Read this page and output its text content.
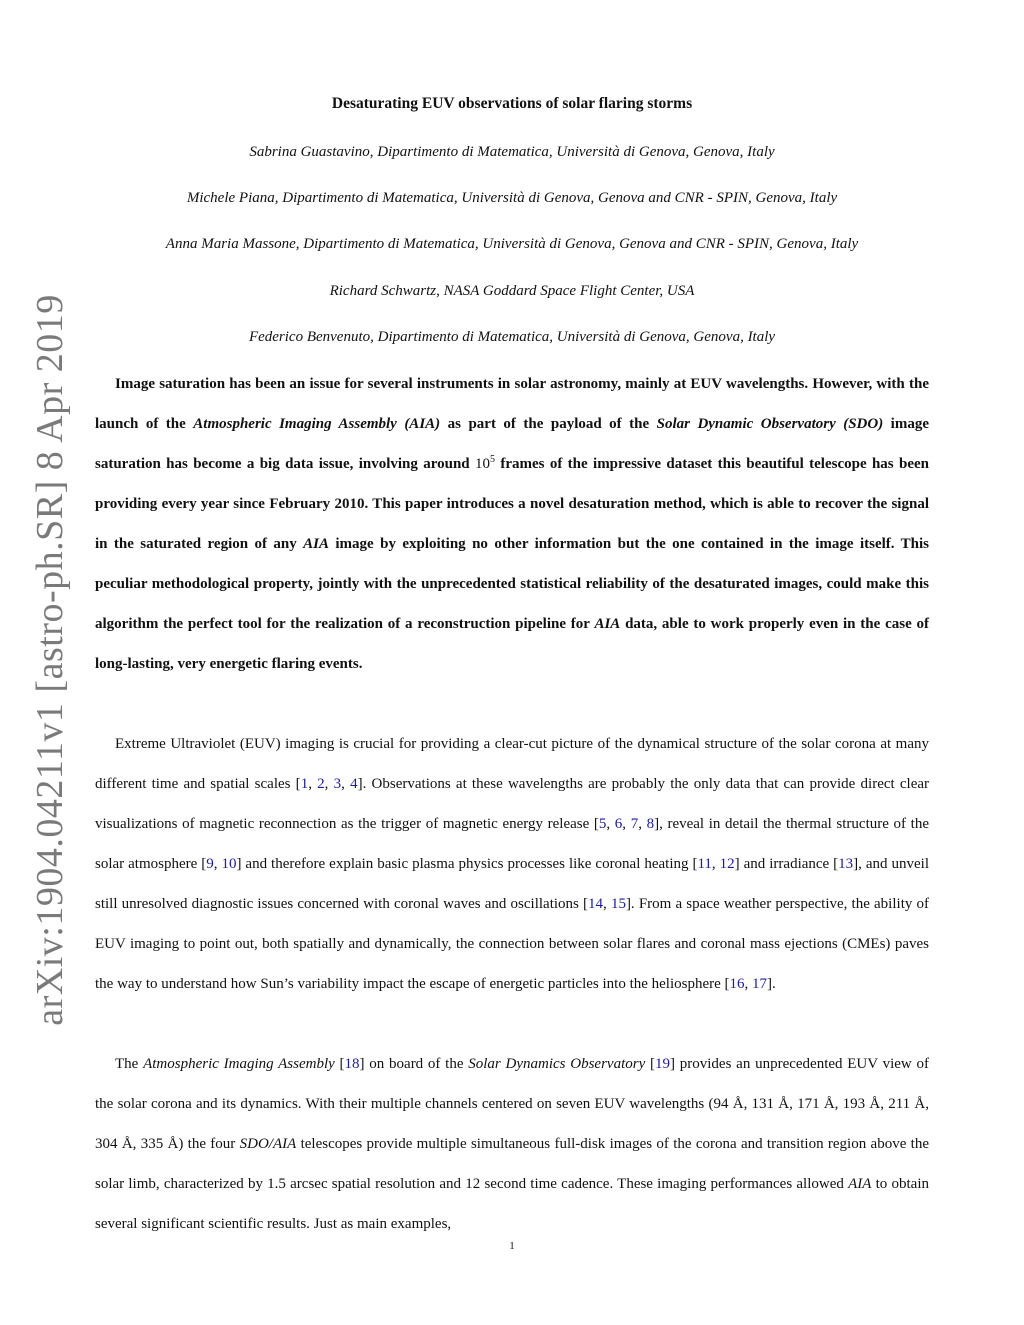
arXiv:1904.04211v1 [astro-ph.SR] 8 Apr 2019
Desaturating EUV observations of solar flaring storms
Sabrina Guastavino, Dipartimento di Matematica, Università di Genova, Genova, Italy
Michele Piana, Dipartimento di Matematica, Università di Genova, Genova and CNR - SPIN, Genova, Italy
Anna Maria Massone, Dipartimento di Matematica, Università di Genova, Genova and CNR - SPIN, Genova, Italy
Richard Schwartz, NASA Goddard Space Flight Center, USA
Federico Benvenuto, Dipartimento di Matematica, Università di Genova, Genova, Italy

Image saturation has been an issue for several instruments in solar astronomy, mainly at EUV wavelengths. However, with the launch of the Atmospheric Imaging Assembly (AIA) as part of the payload of the Solar Dynamic Observatory (SDO) image saturation has become a big data issue, involving around $10^5$ frames of the impressive dataset this beautiful telescope has been providing every year since February 2010. This paper introduces a novel desaturation method, which is able to recover the signal in the saturated region of any AIA image by exploiting no other information but the one contained in the image itself. This peculiar methodological property, jointly with the unprecedented statistical reliability of the desaturated images, could make this algorithm the perfect tool for the realization of a reconstruction pipeline for AIA data, able to work properly even in the case of long-lasting, very energetic flaring events.

Extreme Ultraviolet (EUV) imaging is crucial for providing a clear-cut picture of the dynamical structure of the solar corona at many different time and spatial scales [1, 2, 3, 4]. Observations at these wavelengths are probably the only data that can provide direct clear visualizations of magnetic reconnection as the trigger of magnetic energy release [5, 6, 7, 8], reveal in detail the thermal structure of the solar atmosphere [9, 10] and therefore explain basic plasma physics processes like coronal heating [11, 12] and irradiance [13], and unveil still unresolved diagnostic issues concerned with coronal waves and oscillations [14, 15]. From a space weather perspective, the ability of EUV imaging to point out, both spatially and dynamically, the connection between solar flares and coronal mass ejections (CMEs) paves the way to understand how Sun’s variability impact the escape of energetic particles into the heliosphere [16, 17].

The Atmospheric Imaging Assembly [18] on board of the Solar Dynamics Observatory [19] provides an unprecedented EUV view of the solar corona and its dynamics. With their multiple channels centered on seven EUV wavelengths (94 Å, 131 Å, 171 Å, 193 Å, 211 Å, 304 Å, 335 Å) the four SDO/AIA telescopes provide multiple simultaneous full-disk images of the corona and transition region above the solar limb, characterized by 1.5 arcsec spatial resolution and 12 second time cadence. These imaging performances allowed AIA to obtain several significant scientific results. Just as main examples,

1
